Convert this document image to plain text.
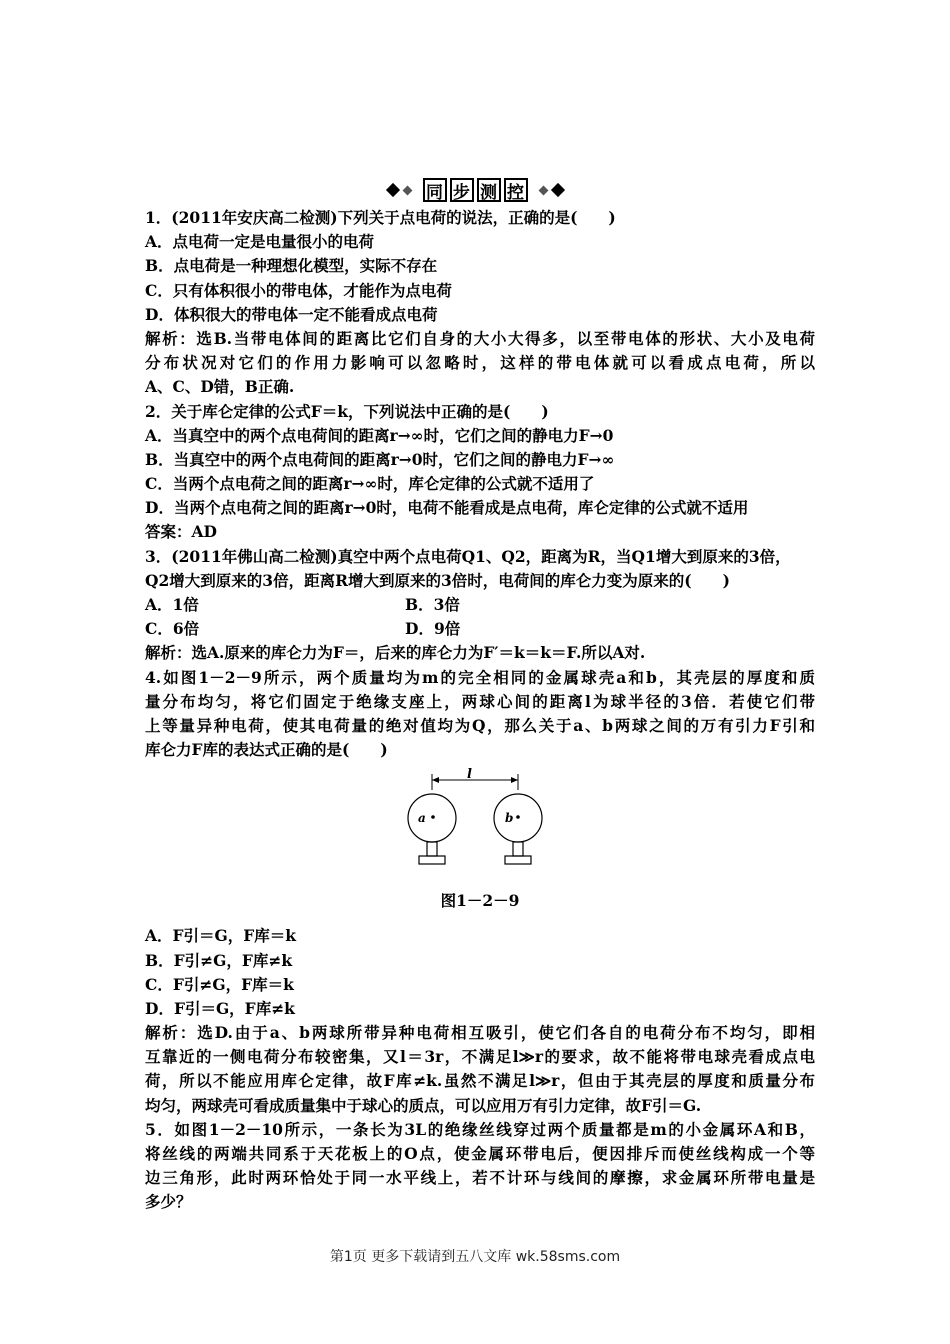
同 步 测 控
1．(2011年安庆高二检测)下列关于点电荷的说法，正确的是(　　)
A．点电荷一定是电量很小的电荷
B．点电荷是一种理想化模型，实际不存在
C．只有体积很小的带电体，才能作为点电荷
D．体积很大的带电体一定不能看成点电荷
解析：选B.当带电体间的距离比它们自身的大小大得多，以至带电体的形状、大小及电荷
分布状况对它们的作用力影响可以忽略时，这样的带电体就可以看成点电荷，所以
A、C、D错，B正确.
2．关于库仑定律的公式F＝k，下列说法中正确的是(　　)
A．当真空中的两个点电荷间的距离r→∞时，它们之间的静电力F→0
B．当真空中的两个点电荷间的距离r→0时，它们之间的静电力F→∞
C．当两个点电荷之间的距离r→∞时，库仑定律的公式就不适用了
D．当两个点电荷之间的距离r→0时，电荷不能看成是点电荷，库仑定律的公式就不适用
答案：AD
3．(2011年佛山高二检测)真空中两个点电荷Q1、Q2，距离为R，当Q1增大到原来的3倍，
Q2增大到原来的3倍，距离R增大到原来的3倍时，电荷间的库仑力变为原来的(　　)
A．1倍	B．3倍
C．6倍	D．9倍
解析：选A.原来的库仑力为F＝，后来的库仑力为F′＝k＝k＝F.所以A对.
4.如图1－2－9所示，两个质量均为m的完全相同的金属球壳a和b，其壳层的厚度和质
量分布均匀，将它们固定于绝缘支座上，两球心间的距离l为球半径的3倍．若使它们带
上等量异种电荷，使其电荷量的绝对值均为Q，那么关于a、b两球之间的万有引力F引和
库仑力F库的表达式正确的是(　　)
l
a	b
图1－2－9
A．F引＝G，F库＝k
B．F引≠G，F库≠k
C．F引≠G，F库＝k
D．F引＝G，F库≠k
解析：选D.由于a、b两球所带异种电荷相互吸引，使它们各自的电荷分布不均匀，即相
互靠近的一侧电荷分布较密集，又l＝3r，不满足l≫r的要求，故不能将带电球壳看成点电
荷，所以不能应用库仑定律，故F库≠k.虽然不满足l≫r，但由于其壳层的厚度和质量分布
均匀，两球壳可看成质量集中于球心的质点，可以应用万有引力定律，故F引＝G.
5．如图1－2－10所示，一条长为3L的绝缘丝线穿过两个质量都是m的小金属环A和B，
将丝线的两端共同系于天花板上的O点，使金属环带电后，便因排斥而使丝线构成一个等
边三角形，此时两环恰处于同一水平线上，若不计环与线间的摩擦，求金属环所带电量是
多少？
第1页 更多下载请到五八文库 wk.58sms.com
